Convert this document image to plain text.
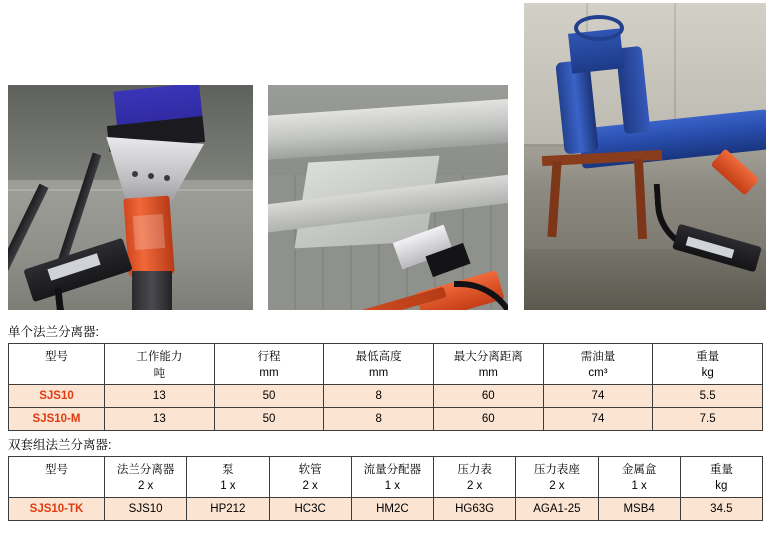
单个法兰分离器:
型号	工作能力	行程	最低高度	最大分离距离	需油量	重量
	吨	mm	mm	mm	cm³	kg
SJS10	13	50	8	60	74	5.5
SJS10-M	13	50	8	60	74	7.5
双套组法兰分离器:
型号	法兰分离器	泵	软管	流量分配器	压力表	压力表座	金属盒	重量
	2 x	1 x	2 x	1 x	2 x	2 x	1 x	kg
SJS10-TK	SJS10	HP212	HC3C	HM2C	HG63G	AGA1-25	MSB4	34.5
